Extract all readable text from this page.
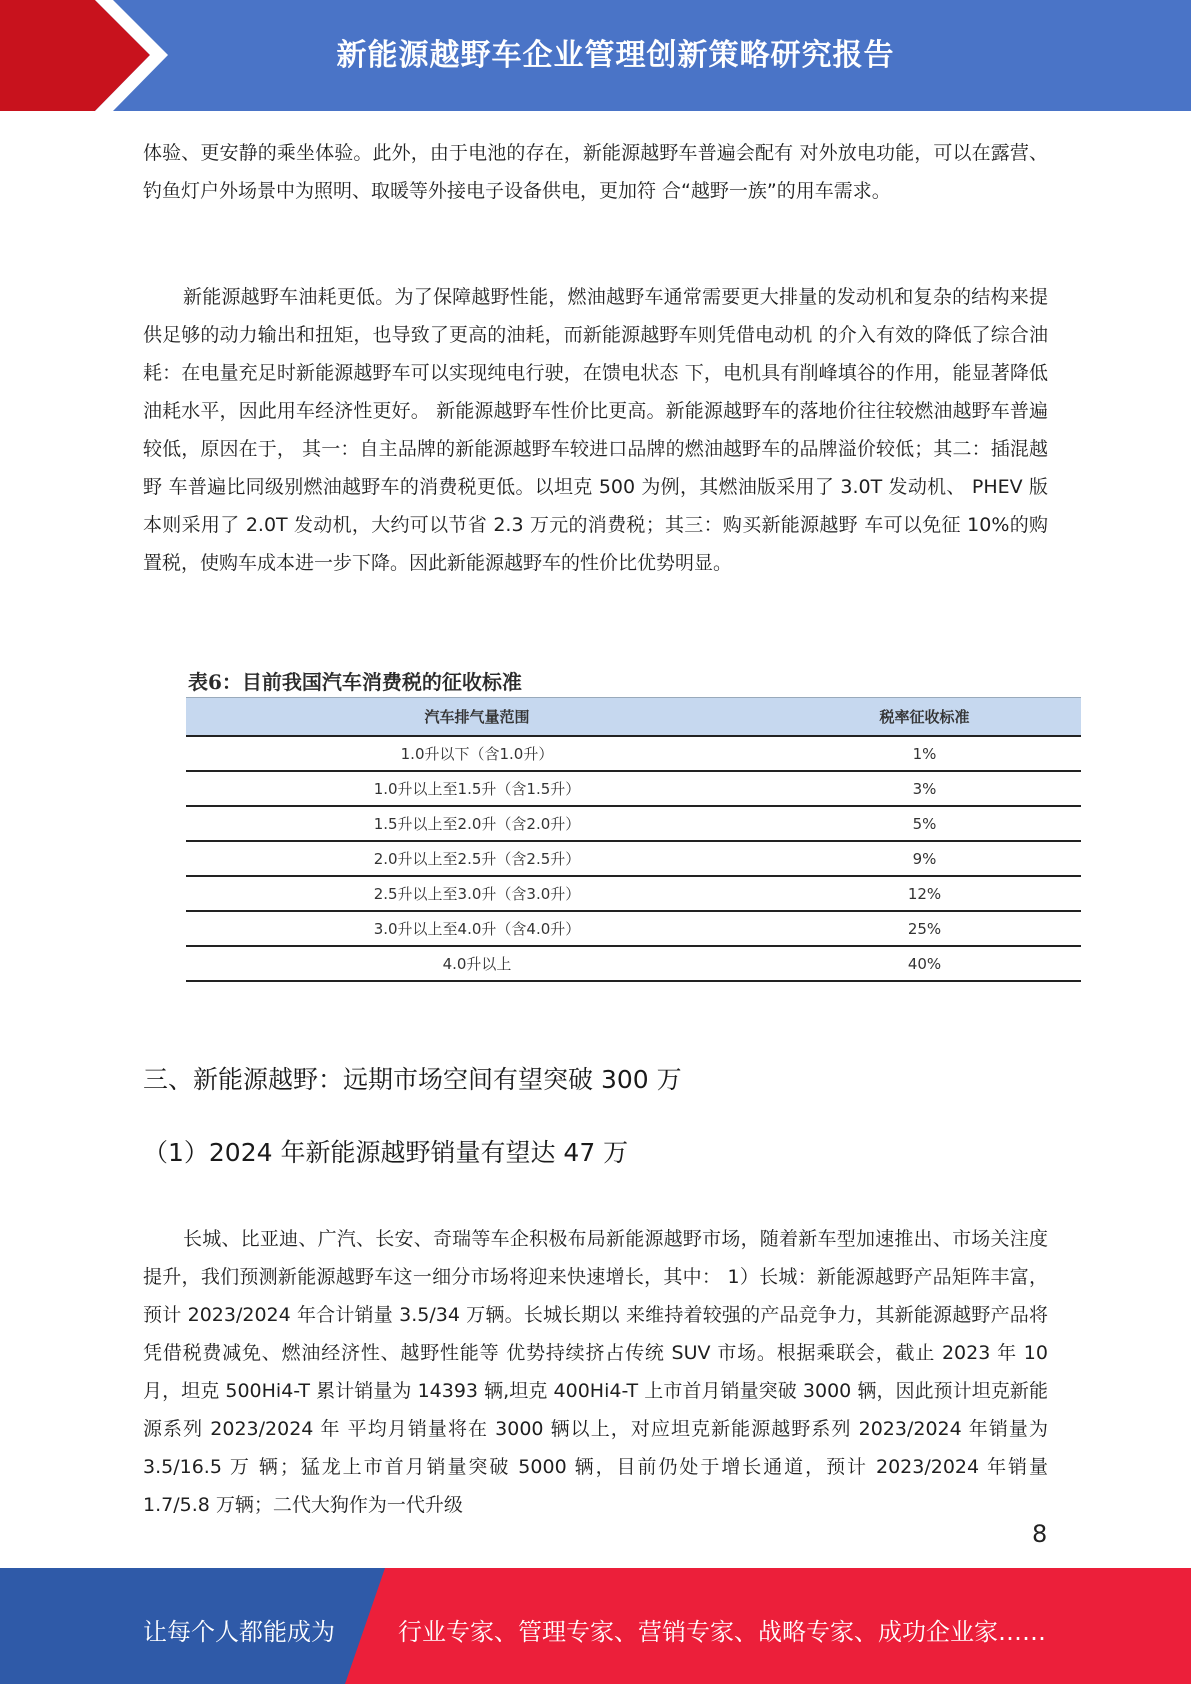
新能源越野车企业管理创新策略研究报告

体验、更安静的乘坐体验。此外，由于电池的存在，新能源越野车普遍会配有 对外放电功能，可以在露营、钓鱼灯户外场景中为照明、取暖等外接电子设备供电，更加符 合“越野一族”的用车需求。

新能源越野车油耗更低。为了保障越野性能，燃油越野车通常需要更大排量的发动机和复杂的结构来提供足够的动力输出和扭矩，也导致了更高的油耗，而新能源越野车则凭借电动机 的介入有效的降低了综合油耗：在电量充足时新能源越野车可以实现纯电行驶，在馈电状态 下，电机具有削峰填谷的作用，能显著降低油耗水平，因此用车经济性更好。 新能源越野车性价比更高。新能源越野车的落地价往往较燃油越野车普遍较低，原因在于， 其一：自主品牌的新能源越野车较进口品牌的燃油越野车的品牌溢价较低；其二：插混越野 车普遍比同级别燃油越野车的消费税更低。以坦克 500 为例，其燃油版采用了 3.0T 发动机、 PHEV 版本则采用了 2.0T 发动机，大约可以节省 2.3 万元的消费税；其三：购买新能源越野 车可以免征 10%的购置税，使购车成本进一步下降。因此新能源越野车的性价比优势明显。

表6：目前我国汽车消费税的征收标准
汽车排气量范围	税率征收标准
1.0升以下（含1.0升）	1%
1.0升以上至1.5升（含1.5升）	3%
1.5升以上至2.0升（含2.0升）	5%
2.0升以上至2.5升（含2.5升）	9%
2.5升以上至3.0升（含3.0升）	12%
3.0升以上至4.0升（含4.0升）	25%
4.0升以上	40%
三、新能源越野：远期市场空间有望突破 300 万
（1）2024 年新能源越野销量有望达 47 万

长城、比亚迪、广汽、长安、奇瑞等车企积极布局新能源越野市场，随着新车型加速推出、市场关注度提升，我们预测新能源越野车这一细分市场将迎来快速增长，其中： 1）长城：新能源越野产品矩阵丰富，预计 2023/2024 年合计销量 3.5/34 万辆。长城长期以 来维持着较强的产品竞争力，其新能源越野产品将凭借税费减免、燃油经济性、越野性能等 优势持续挤占传统 SUV 市场。根据乘联会，截止 2023 年 10 月，坦克 500Hi4-T 累计销量为 14393 辆,坦克 400Hi4-T 上市首月销量突破 3000 辆，因此预计坦克新能源系列 2023/2024 年 平均月销量将在 3000 辆以上，对应坦克新能源越野系列 2023/2024 年销量为 3.5/16.5 万 辆；猛龙上市首月销量突破 5000 辆，目前仍处于增长通道，预计 2023/2024 年销量 1.7/5.8 万辆；二代大狗作为一代升级

8
让每个人都能成为	行业专家、管理专家、营销专家、战略专家、成功企业家……
